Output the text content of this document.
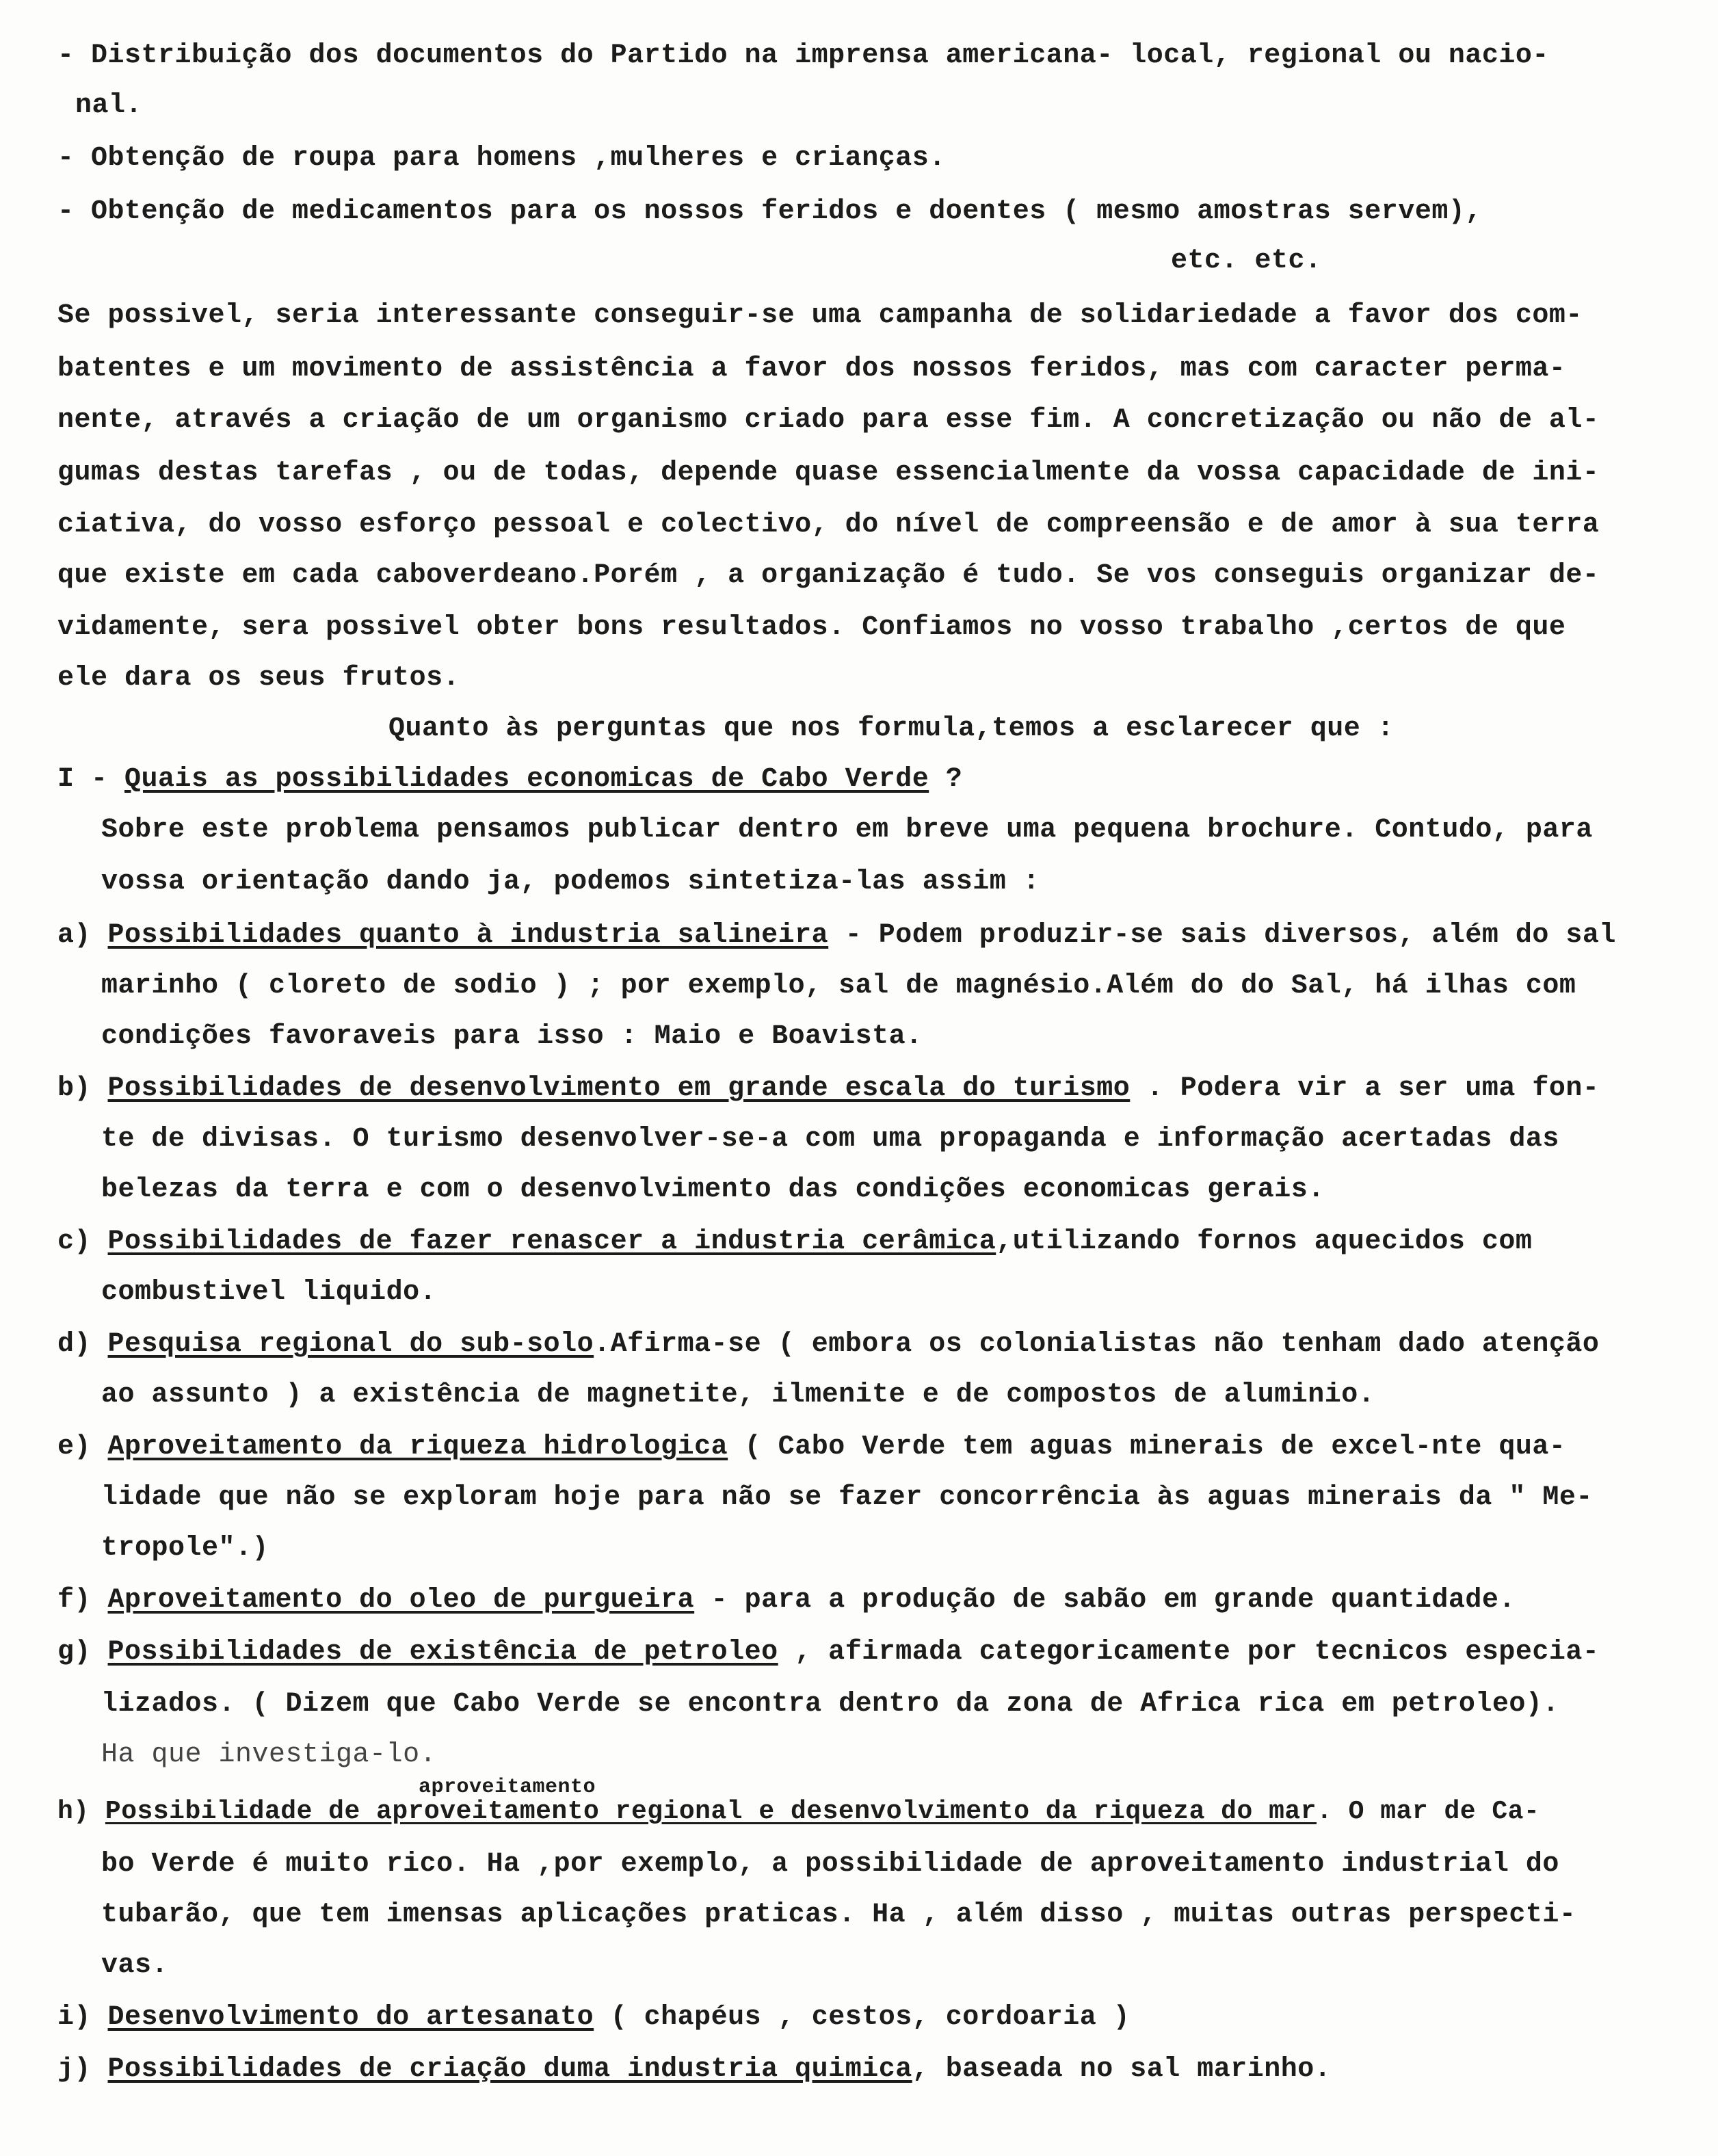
- Distribuição dos documentos do Partido na imprensa americana- local, regional ou nacio-
nal.
- Obtenção de roupa para homens ,mulheres e crianças.
- Obtenção de medicamentos para os nossos feridos e doentes ( mesmo amostras servem),
etc. etc.
Se possivel, seria interessante conseguir-se uma campanha de solidariedade a favor dos com-
batentes e um movimento de assistência a favor dos nossos feridos, mas com caracter perma-
nente, através a criação de um organismo criado para esse fim. A concretização ou não de al-
gumas destas tarefas , ou de todas, depende quase essencialmente da vossa capacidade de ini-
ciativa, do vosso esforço pessoal e colectivo, do nível de compreensão e de amor à sua terra
que existe em cada caboverdeano.Porém , a organização é tudo. Se vos conseguis organizar de-
vidamente, sera possivel obter bons resultados. Confiamos no vosso trabalho ,certos de que
ele dara os seus frutos.
Quanto às perguntas que nos formula,temos a esclarecer que :
I - Quais as possibilidades economicas de Cabo Verde ?
Sobre este problema pensamos publicar dentro em breve uma pequena brochure. Contudo, para
vossa orientação dando ja, podemos sintetiza-las assim :
a) Possibilidades quanto à industria salineira - Podem produzir-se sais diversos, além do sal
marinho ( cloreto de sodio ) ; por exemplo, sal de magnésio.Além do do Sal, há ilhas com
condições favoraveis para isso : Maio e Boavista.
b) Possibilidades de desenvolvimento em grande escala do turismo . Podera vir a ser uma fon-
te de divisas. O turismo desenvolver-se-a com uma propaganda e informação acertadas das
belezas da terra e com o desenvolvimento das condições economicas gerais.
c) Possibilidades de fazer renascer a industria cerâmica,utilizando fornos aquecidos com
combustivel liquido.
d) Pesquisa regional do sub-solo.Afirma-se ( embora os colonialistas não tenham dado atenção
ao assunto ) a existência de magnetite, ilmenite e de compostos de aluminio.
e) Aproveitamento da riqueza hidrologica ( Cabo Verde tem aguas minerais de excel-nte qua-
lidade que não se exploram hoje para não se fazer concorrência às aguas minerais da " Me-
tropole".)
f) Aproveitamento do oleo de purgueira - para a produção de sabão em grande quantidade.
g) Possibilidades de existência de petroleo , afirmada categoricamente por tecnicos especia-
lizados. ( Dizem que Cabo Verde se encontra dentro da zona de Africa rica em petroleo).
Ha que investiga-lo.
aproveitamento
h) Possibilidade de aproveitamento regional e desenvolvimento da riqueza do mar. O mar de Ca-
bo Verde é muito rico. Ha ,por exemplo, a possibilidade de aproveitamento industrial do
tubarão, que tem imensas aplicações praticas. Ha , além disso , muitas outras perspecti-
vas.
i) Desenvolvimento do artesanato ( chapéus , cestos, cordoaria )
j) Possibilidades de criação duma industria quimica, baseada no sal marinho.
